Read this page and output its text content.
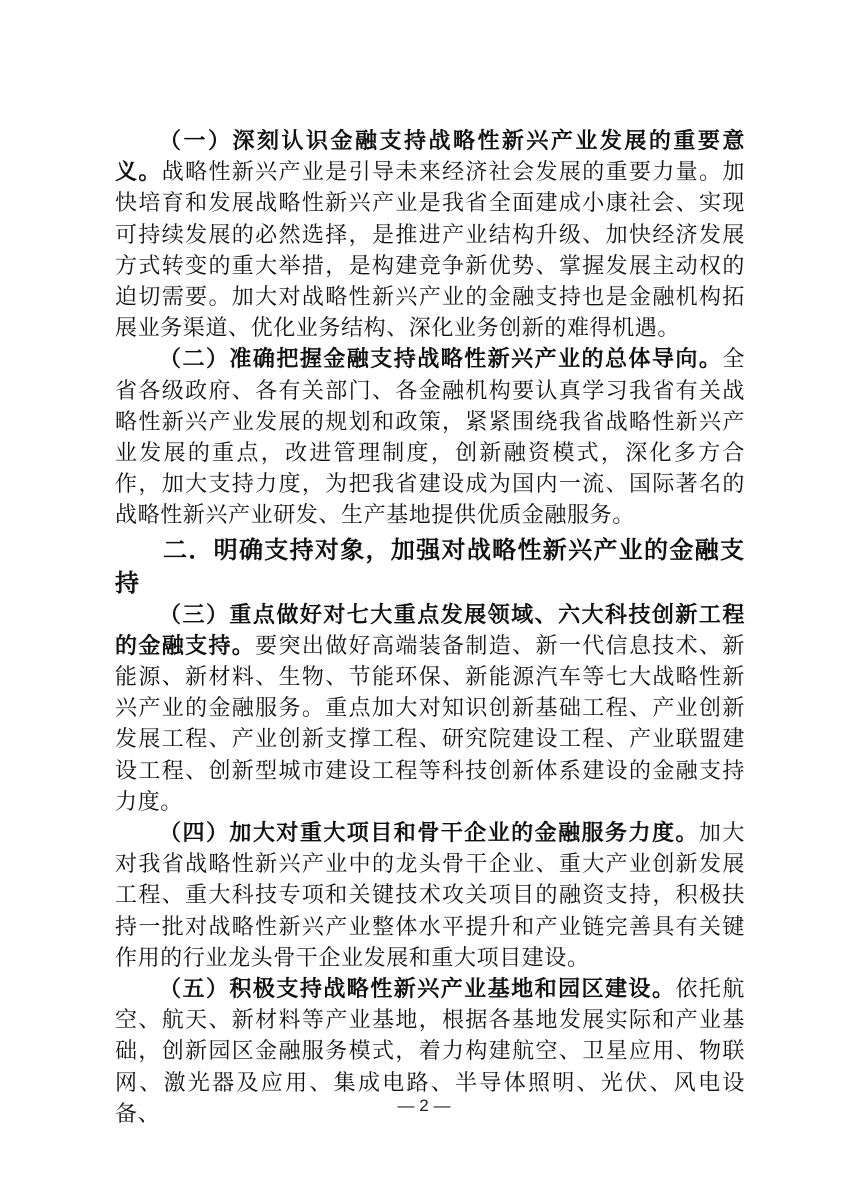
（一）深刻认识金融支持战略性新兴产业发展的重要意义。战略性新兴产业是引导未来经济社会发展的重要力量。加快培育和发展战略性新兴产业是我省全面建成小康社会、实现可持续发展的必然选择，是推进产业结构升级、加快经济发展方式转变的重大举措，是构建竞争新优势、掌握发展主动权的迫切需要。加大对战略性新兴产业的金融支持也是金融机构拓展业务渠道、优化业务结构、深化业务创新的难得机遇。

（二）准确把握金融支持战略性新兴产业的总体导向。全省各级政府、各有关部门、各金融机构要认真学习我省有关战略性新兴产业发展的规划和政策，紧紧围绕我省战略性新兴产业发展的重点，改进管理制度，创新融资模式，深化多方合作，加大支持力度，为把我省建设成为国内一流、国际著名的战略性新兴产业研发、生产基地提供优质金融服务。

二．明确支持对象，加强对战略性新兴产业的金融支持

（三）重点做好对七大重点发展领域、六大科技创新工程的金融支持。要突出做好高端装备制造、新一代信息技术、新能源、新材料、生物、节能环保、新能源汽车等七大战略性新兴产业的金融服务。重点加大对知识创新基础工程、产业创新发展工程、产业创新支撑工程、研究院建设工程、产业联盟建设工程、创新型城市建设工程等科技创新体系建设的金融支持力度。

（四）加大对重大项目和骨干企业的金融服务力度。加大对我省战略性新兴产业中的龙头骨干企业、重大产业创新发展工程、重大科技专项和关键技术攻关项目的融资支持，积极扶持一批对战略性新兴产业整体水平提升和产业链完善具有关键作用的行业龙头骨干企业发展和重大项目建设。

（五）积极支持战略性新兴产业基地和园区建设。依托航空、航天、新材料等产业基地，根据各基地发展实际和产业基础，创新园区金融服务模式，着力构建航空、卫星应用、物联网、激光器及应用、集成电路、半导体照明、光伏、风电设备、	— 2 —
